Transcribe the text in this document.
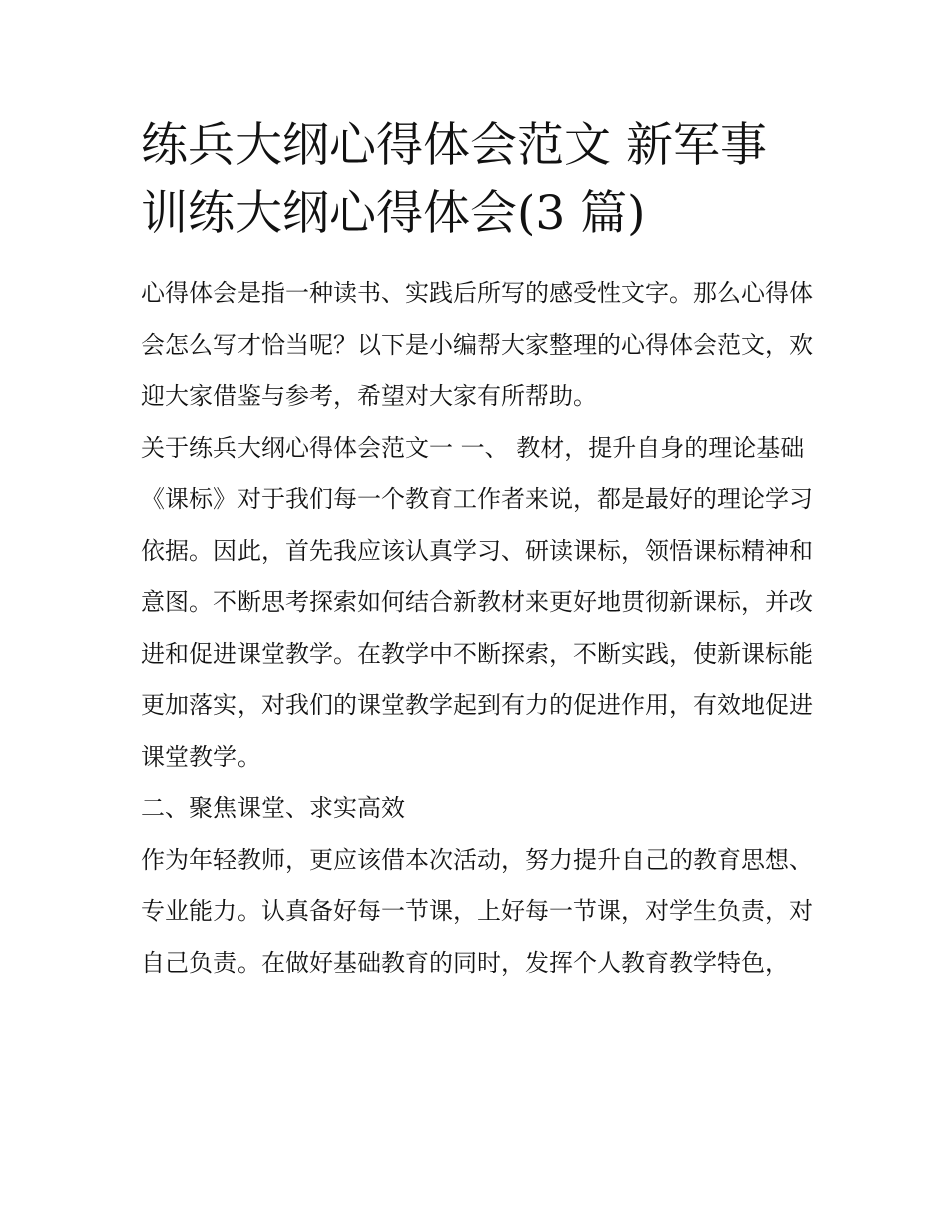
练兵大纲心得体会范文 新军事训练大纲心得体会(3 篇)

心得体会是指一种读书、实践后所写的感受性文字。那么心得体会怎么写才恰当呢？以下是小编帮大家整理的心得体会范文，欢迎大家借鉴与参考，希望对大家有所帮助。

关于练兵大纲心得体会范文一 一、 教材，提升自身的理论基础

《课标》对于我们每一个教育工作者来说，都是最好的理论学习依据。因此，首先我应该认真学习、研读课标，领悟课标精神和意图。不断思考探索如何结合新教材来更好地贯彻新课标，并改进和促进课堂教学。在教学中不断探索，不断实践，使新课标能更加落实，对我们的课堂教学起到有力的促进作用，有效地促进课堂教学。

二、聚焦课堂、求实高效

作为年轻教师，更应该借本次活动，努力提升自己的教育思想、专业能力。认真备好每一节课，上好每一节课，对学生负责，对自己负责。在做好基础教育的同时，发挥个人教育教学特色，
